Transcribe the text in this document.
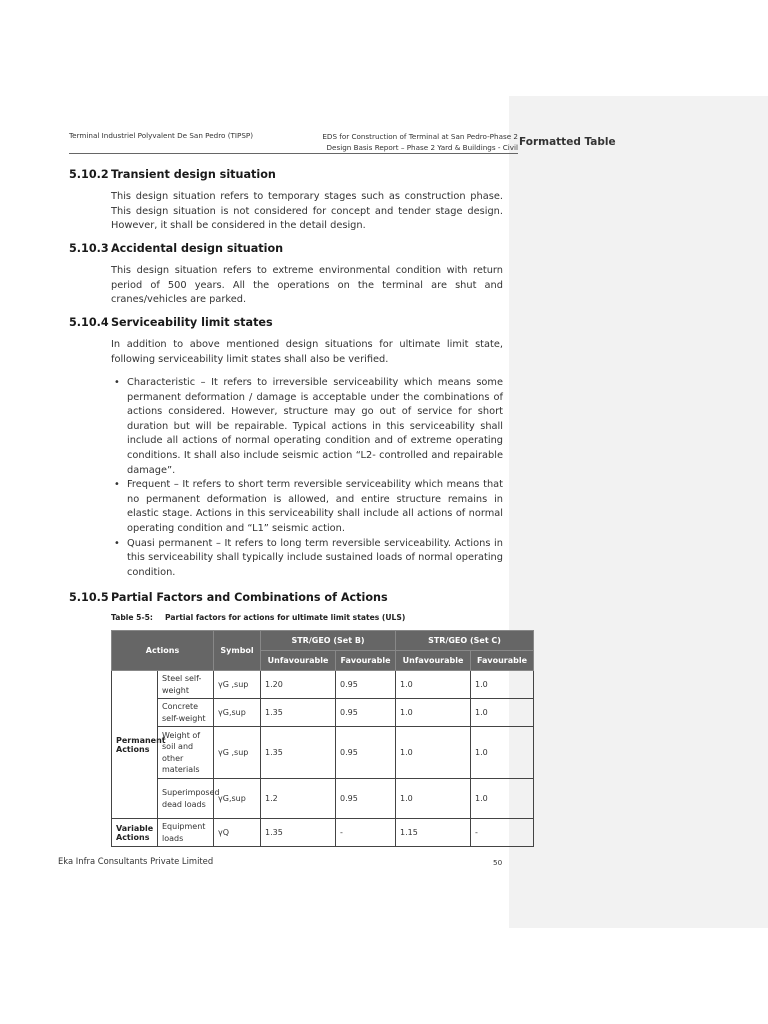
Formatted Table
Terminal Industriel Polyvalent De San Pedro (TIPSP)	EDS for Construction of Terminal at San Pedro-Phase 2
Design Basis Report – Phase 2 Yard & Buildings - Civil
5.10.2 Transient design situation
This design situation refers to temporary stages such as construction phase. This design situation is not considered for concept and tender stage design. However, it shall be considered in the detail design.
5.10.3 Accidental design situation
This design situation refers to extreme environmental condition with return period of 500 years. All the operations on the terminal are shut and cranes/vehicles are parked.
5.10.4 Serviceability limit states
In addition to above mentioned design situations for ultimate limit state, following serviceability limit states shall also be verified.
• Characteristic – It refers to irreversible serviceability which means some permanent deformation / damage is acceptable under the combinations of actions considered. However, structure may go out of service for short duration but will be repairable. Typical actions in this serviceability shall include all actions of normal operating condition and of extreme operating conditions. It shall also include seismic action “L2- controlled and repairable damage”.
• Frequent – It refers to short term reversible serviceability which means that no permanent deformation is allowed, and entire structure remains in elastic stage. Actions in this serviceability shall include all actions of normal operating condition and “L1” seismic action.
• Quasi permanent – It refers to long term reversible serviceability. Actions in this serviceability shall typically include sustained loads of normal operating condition.
5.10.5 Partial Factors and Combinations of Actions
Table 5-5: Partial factors for actions for ultimate limit states (ULS)
Actions		Symbol	STR/GEO (Set B)		STR/GEO (Set C)	
			Unfavourable	Favourable	Unfavourable	Favourable
Permanent Actions	Steel self-weight	γG ,sup	1.20	0.95	1.0	1.0
	Concrete self-weight	γG,sup	1.35	0.95	1.0	1.0
	Weight of soil and other materials	γG ,sup	1.35	0.95	1.0	1.0
	Superimposed dead loads	γG,sup	1.2	0.95	1.0	1.0
Variable Actions	Equipment loads	γQ	1.35	-	1.15	-
Eka Infra Consultants Private Limited	50
